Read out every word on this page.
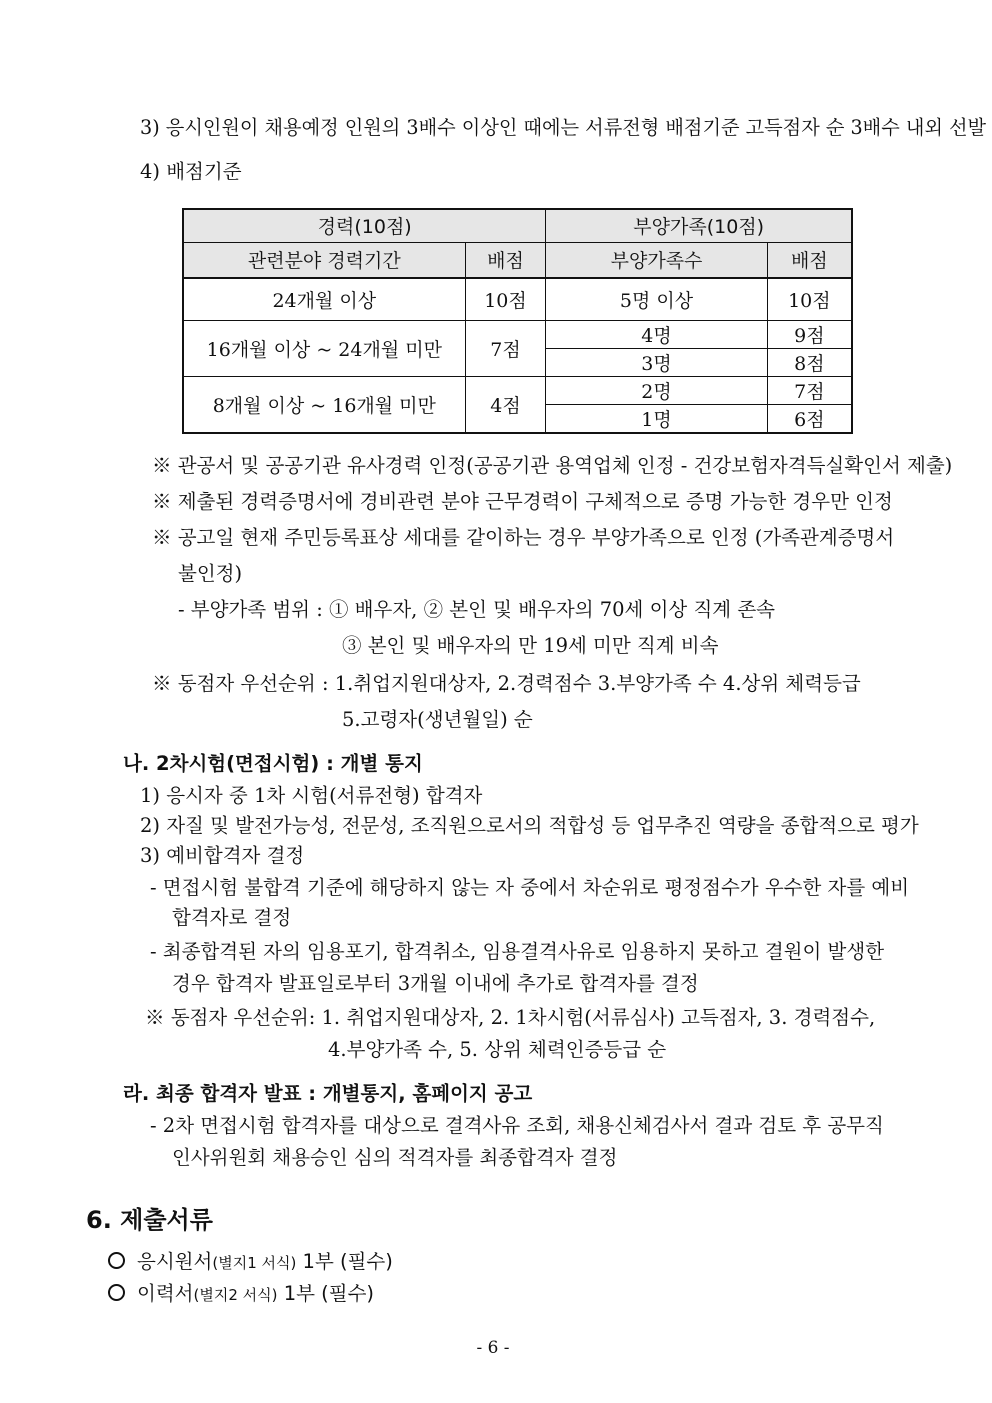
3) 응시인원이 채용예정 인원의 3배수 이상인 때에는 서류전형 배점기준 고득점자 순 3배수 내외 선발
4) 배점기준
경력(10점)		부양가족(10점)	
관련분야 경력기간	배점	부양가족수	배점
24개월 이상	10점	5명 이상	10점
16개월 이상 ~ 24개월 미만	7점	4명	9점
		3명	8점
8개월 이상 ~ 16개월 미만	4점	2명	7점
		1명	6점
※ 관공서 및 공공기관 유사경력 인정(공공기관 용역업체 인정 - 건강보험자격득실확인서 제출)
※ 제출된 경력증명서에 경비관련 분야 근무경력이 구체적으로 증명 가능한 경우만 인정
※ 공고일 현재 주민등록표상 세대를 같이하는 경우 부양가족으로 인정 (가족관계증명서
불인정)
- 부양가족 범위 : ① 배우자, ② 본인 및 배우자의 70세 이상 직계 존속
③ 본인 및 배우자의 만 19세 미만 직계 비속
※ 동점자 우선순위 : 1.취업지원대상자, 2.경력점수 3.부양가족 수 4.상위 체력등급
5.고령자(생년월일) 순
나. 2차시험(면접시험) : 개별 통지
1) 응시자 중 1차 시험(서류전형) 합격자
2) 자질 및 발전가능성, 전문성, 조직원으로서의 적합성 등 업무추진 역량을 종합적으로 평가
3) 예비합격자 결정
- 면접시험 불합격 기준에 해당하지 않는 자 중에서 차순위로 평정점수가 우수한 자를 예비
합격자로 결정
- 최종합격된 자의 임용포기, 합격취소, 임용결격사유로 임용하지 못하고 결원이 발생한
경우 합격자 발표일로부터 3개월 이내에 추가로 합격자를 결정
※ 동점자 우선순위: 1. 취업지원대상자, 2. 1차시험(서류심사) 고득점자, 3. 경력점수,
4.부양가족 수, 5. 상위 체력인증등급 순
라. 최종 합격자 발표 : 개별통지, 홈페이지 공고
- 2차 면접시험 합격자를 대상으로 결격사유 조회, 채용신체검사서 결과 검토 후 공무직
인사위원회 채용승인 심의 적격자를 최종합격자 결정
6. 제출서류
응시원서(별지1 서식) 1부 (필수)
이력서(별지2 서식) 1부 (필수)
- 6 -
